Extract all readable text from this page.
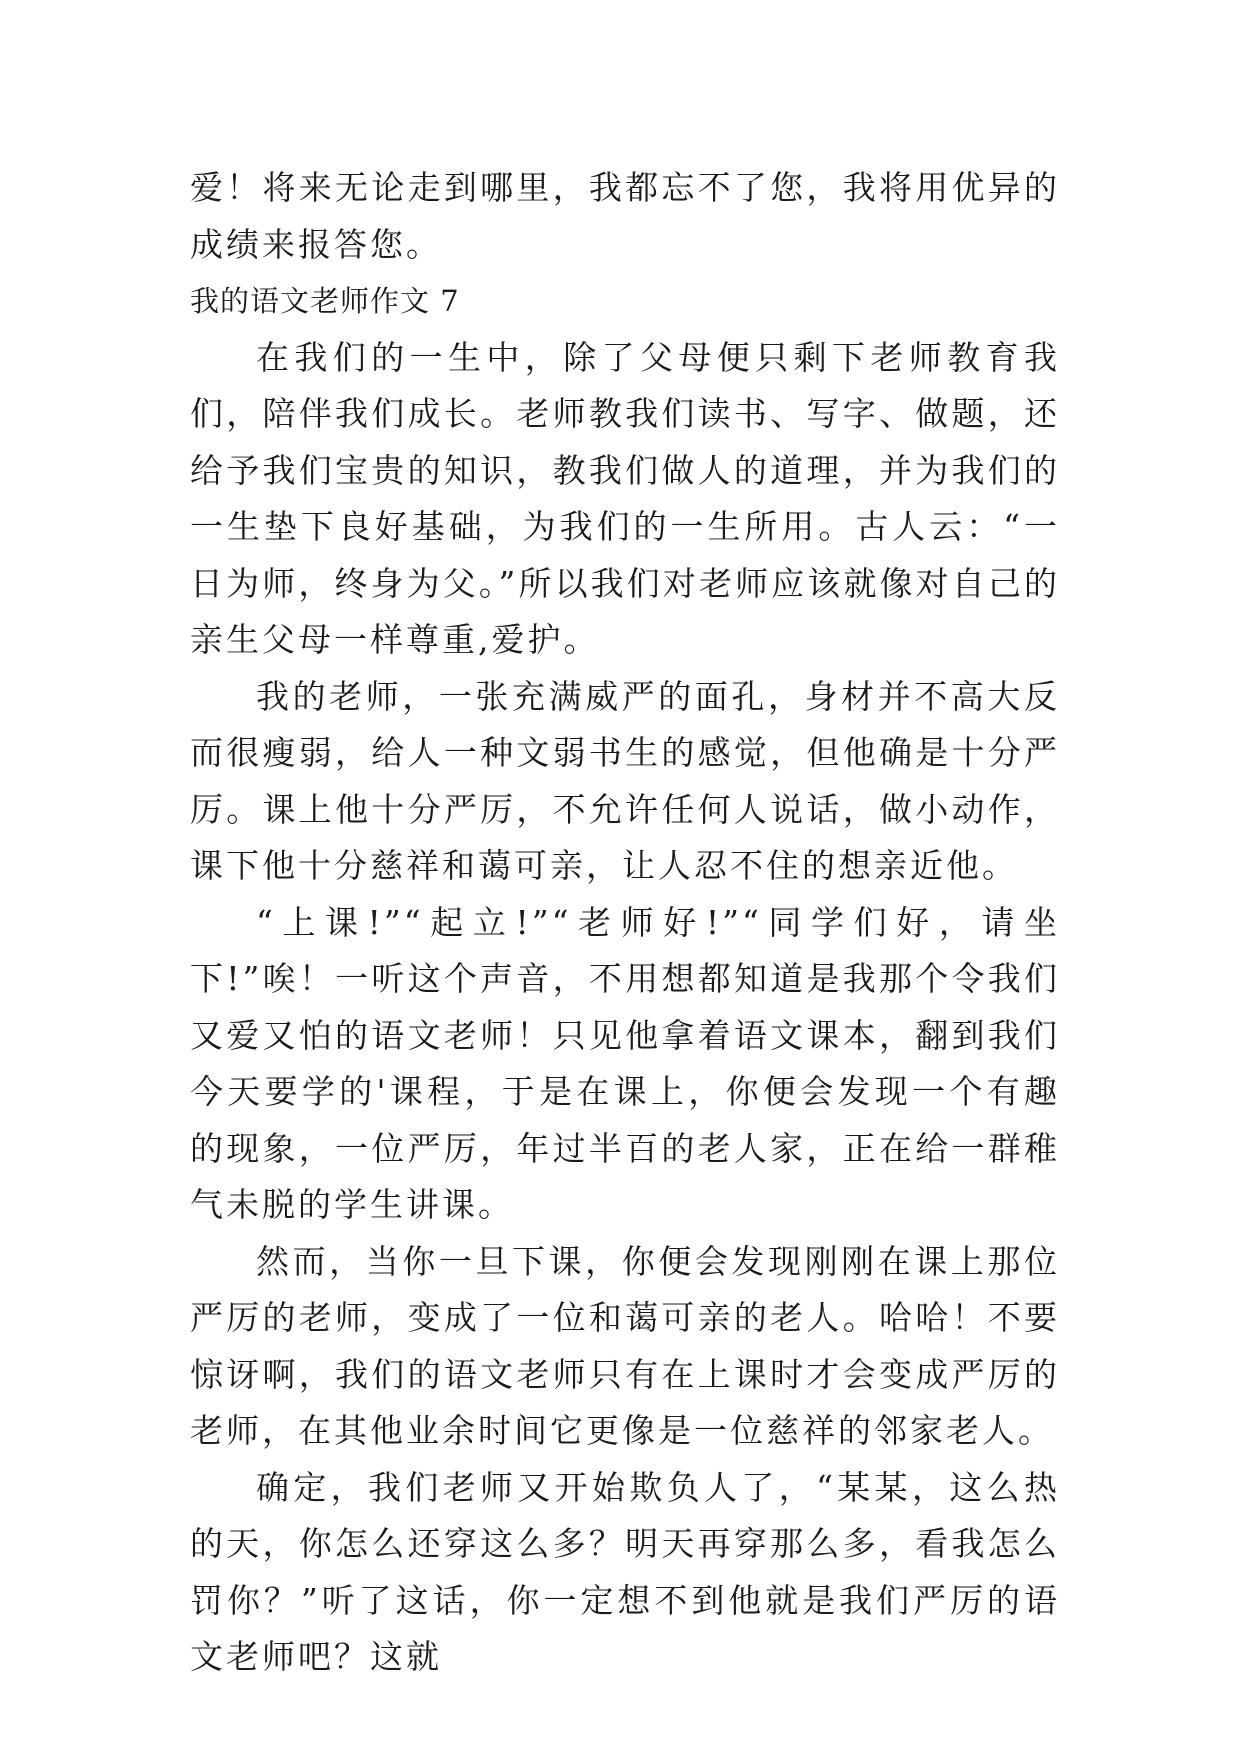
爱！将来无论走到哪里，我都忘不了您，我将用优异的成绩来报答您。

我的语文老师作文 7

在我们的一生中，除了父母便只剩下老师教育我们，陪伴我们成长。老师教我们读书、写字、做题，还给予我们宝贵的知识，教我们做人的道理，并为我们的一生垫下良好基础，为我们的一生所用。古人云：“一日为师，终身为父。”所以我们对老师应该就像对自己的亲生父母一样尊重,爱护。

我的老师，一张充满威严的面孔，身材并不高大反而很瘦弱，给人一种文弱书生的感觉，但他确是十分严厉。课上他十分严厉，不允许任何人说话，做小动作，课下他十分慈祥和蔼可亲，让人忍不住的想亲近他。

“上课!”“起立!”“老师好!”“同学们好，请坐下!”唉！一听这个声音，不用想都知道是我那个令我们又爱又怕的语文老师！只见他拿着语文课本，翻到我们今天要学的'课程，于是在课上，你便会发现一个有趣的现象，一位严厉，年过半百的老人家，正在给一群稚气未脱的学生讲课。

然而，当你一旦下课，你便会发现刚刚在课上那位严厉的老师，变成了一位和蔼可亲的老人。哈哈！不要惊讶啊，我们的语文老师只有在上课时才会变成严厉的老师，在其他业余时间它更像是一位慈祥的邻家老人。

确定，我们老师又开始欺负人了，“某某，这么热的天，你怎么还穿这么多？明天再穿那么多，看我怎么罚你？”听了这话，你一定想不到他就是我们严厉的语文老师吧？这就
